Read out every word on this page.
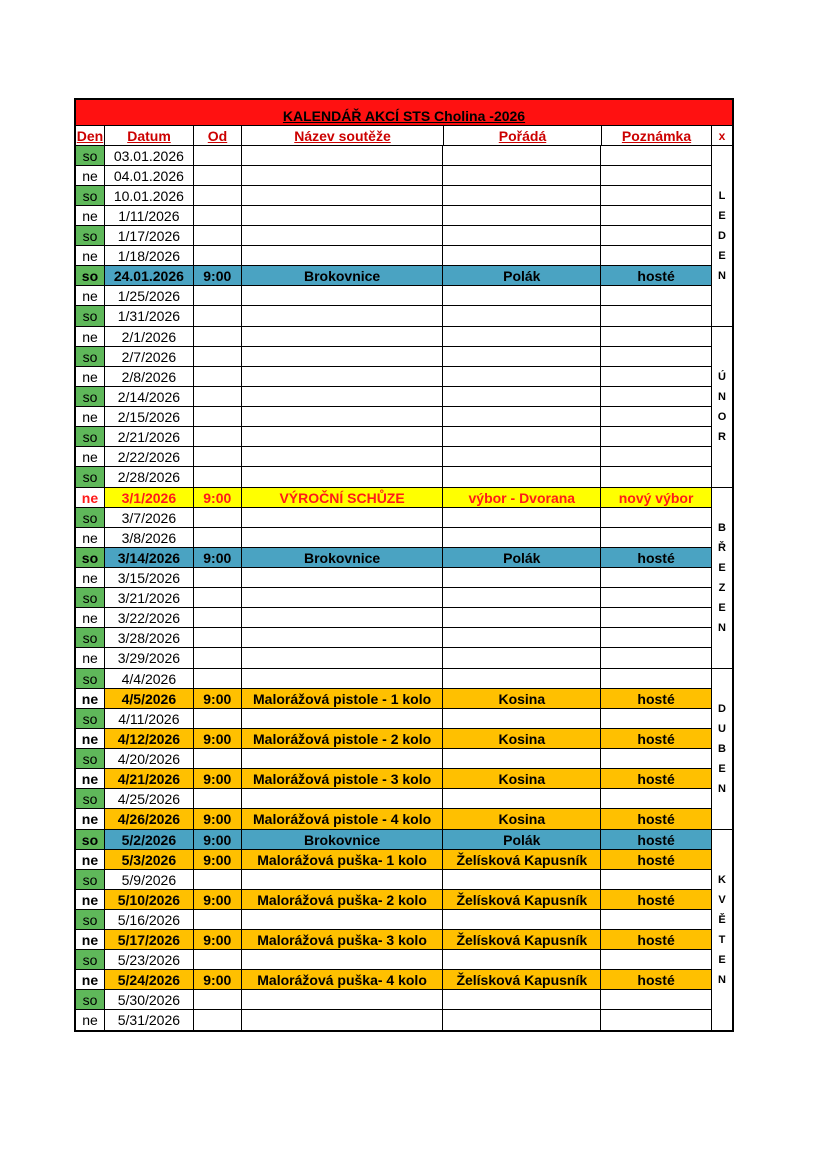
KALENDÁŘ AKCÍ STS Cholina -2026
Den	Datum	Od	Název soutěže	Pořádá	Poznámka	x
so	03.01.2026
ne	04.01.2026
so	10.01.2026
ne	1/11/2026
so	1/17/2026
ne	1/18/2026
so	24.01.2026	9:00	Brokovnice	Polák	hosté
ne	1/25/2026
so	1/31/2026
L
E
D
E
N
ne	2/1/2026
so	2/7/2026
ne	2/8/2026
so	2/14/2026
ne	2/15/2026
so	2/21/2026
ne	2/22/2026
so	2/28/2026
Ú
N
O
R
ne	3/1/2026	9:00	VÝROČNÍ SCHŮZE	výbor - Dvorana	nový výbor
so	3/7/2026
ne	3/8/2026
so	3/14/2026	9:00	Brokovnice	Polák	hosté
ne	3/15/2026
so	3/21/2026
ne	3/22/2026
so	3/28/2026
ne	3/29/2026
B
Ř
E
Z
E
N
so	4/4/2026
ne	4/5/2026	9:00	Malorážová pistole - 1 kolo	Kosina	hosté
so	4/11/2026
ne	4/12/2026	9:00	Malorážová pistole - 2 kolo	Kosina	hosté
so	4/20/2026
ne	4/21/2026	9:00	Malorážová pistole - 3 kolo	Kosina	hosté
so	4/25/2026
ne	4/26/2026	9:00	Malorážová pistole - 4 kolo	Kosina	hosté
D
U
B
E
N
so	5/2/2026	9:00	Brokovnice	Polák	hosté
ne	5/3/2026	9:00	Malorážová puška- 1 kolo	Želísková Kapusník	hosté
so	5/9/2026
ne	5/10/2026	9:00	Malorážová puška- 2 kolo	Želísková Kapusník	hosté
so	5/16/2026
ne	5/17/2026	9:00	Malorážová puška- 3 kolo	Želísková Kapusník	hosté
so	5/23/2026
ne	5/24/2026	9:00	Malorážová puška- 4 kolo	Želísková Kapusník	hosté
so	5/30/2026
ne	5/31/2026
K
V
Ě
T
E
N
